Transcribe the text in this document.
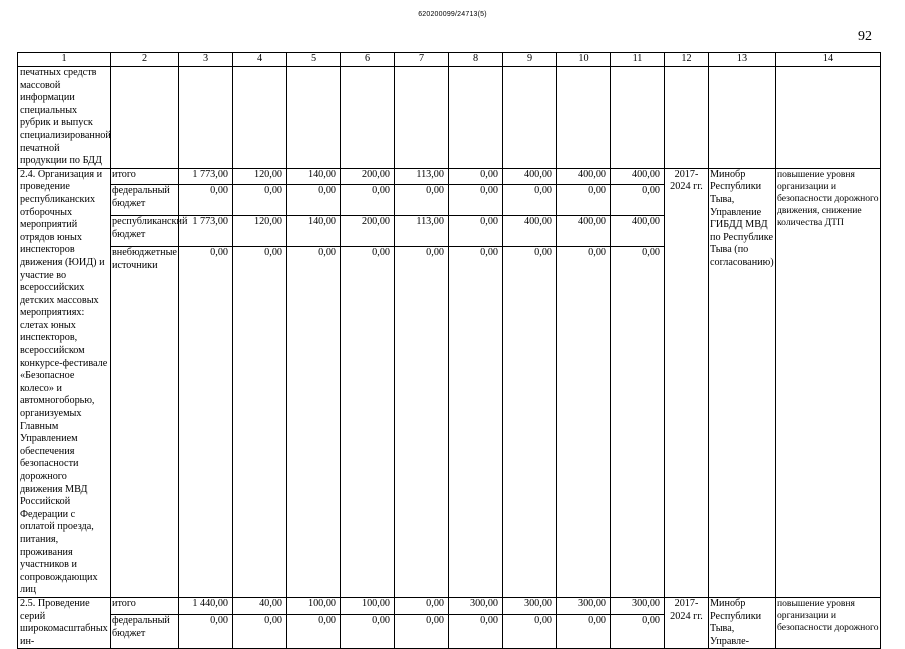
620200099/24713(5)
92
1	2	3	4	5	6	7	8	9	10	11	12	13	14
печатных средств массовой информации специальных рубрик и выпуск специализированной печатной продукции по БДД													
2.4. Организация и проведение республиканских отборочных мероприятий отрядов юных инспекторов движения (ЮИД) и участие во всероссийских детских массовых мероприятиях: слетах юных инспекторов, всероссийском конкурсе-фестивале «Безопасное колесо» и автомногоборью, организуемых Главным Управлением обеспечения безопасности дорожного движения МВД Российской Федерации с оплатой проезда, питания, проживания участников и сопровождающих лиц	итого	1 773,00	120,00	140,00	200,00	113,00	0,00	400,00	400,00	400,00	2017-2024 гг.	Минобр Республики Тыва, Управление ГИБДД МВД по Республике Тыва (по согласованию)	повышение уровня организации и безопасности дорожного движения, снижение количества ДТП
	федеральный бюджет	0,00	0,00	0,00	0,00	0,00	0,00	0,00	0,00	0,00			
	республиканский бюджет	1 773,00	120,00	140,00	200,00	113,00	0,00	400,00	400,00	400,00			
	внебюджетные источники	0,00	0,00	0,00	0,00	0,00	0,00	0,00	0,00	0,00			
2.5. Проведение серий широкомасштабных ин-	итого	1 440,00	40,00	100,00	100,00	0,00	300,00	300,00	300,00	300,00	2017-2024 гг.	Минобр Республики Тыва, Управле-	повышение уровня организации и безопасности дорожного
	федеральный бюджет	0,00	0,00	0,00	0,00	0,00	0,00	0,00	0,00	0,00			
